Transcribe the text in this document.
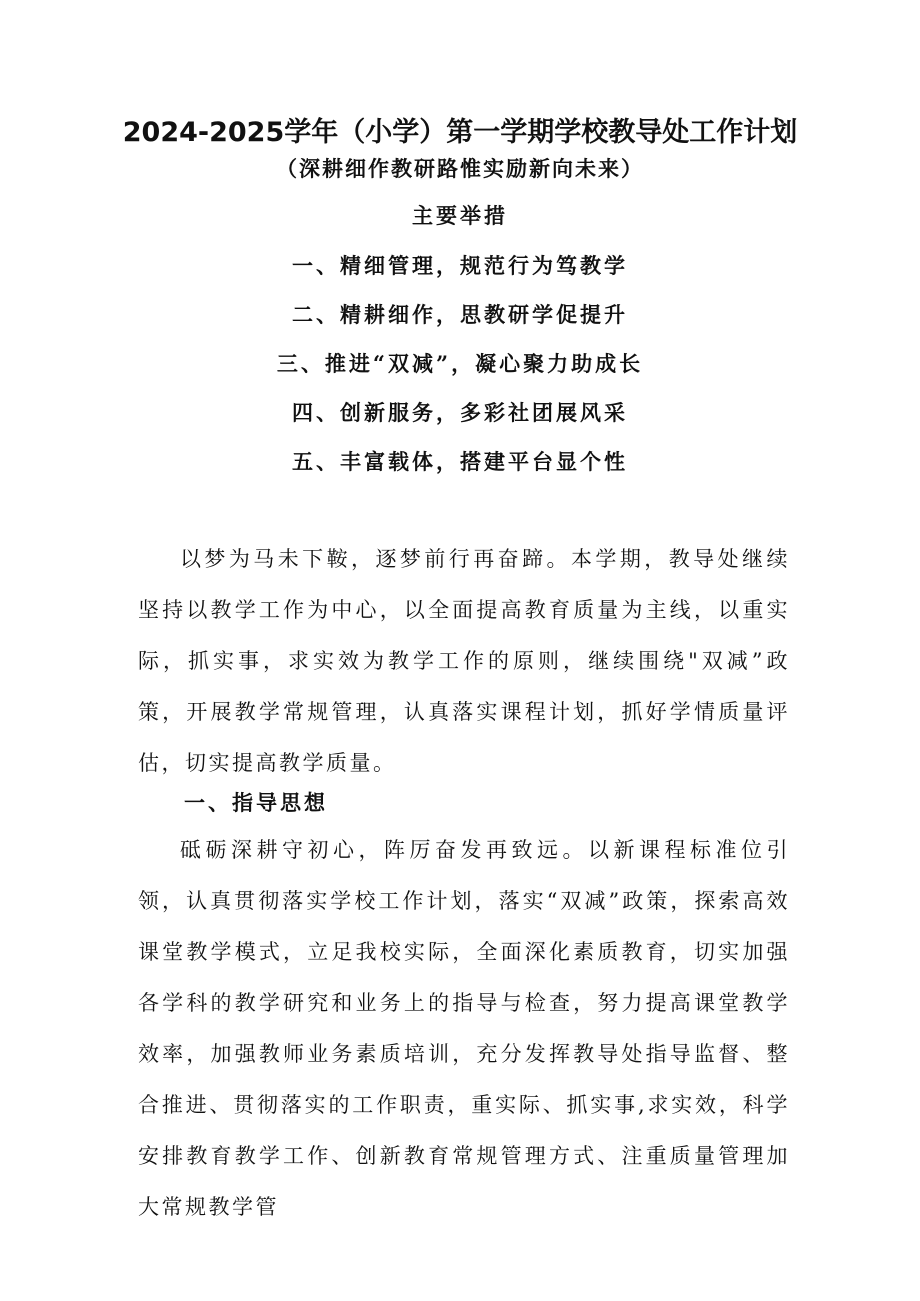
2024-2025学年（小学）第一学期学校教导处工作计划
（深耕细作教研路惟实励新向未来）
主要举措
一、精细管理，规范行为笃教学
二、精耕细作，思教研学促提升
三、推进“双减”，凝心聚力助成长
四、创新服务，多彩社团展风采
五、丰富载体，搭建平台显个性

以梦为马未下鞍，逐梦前行再奋蹄。本学期，教导处继续坚持以教学工作为中心，以全面提高教育质量为主线，以重实际，抓实事，求实效为教学工作的原则，继续围绕"双减”政策，开展教学常规管理，认真落实课程计划，抓好学情质量评估，切实提高教学质量。

一、指导思想

砥砺深耕守初心，阵厉奋发再致远。以新课程标准位引领，认真贯彻落实学校工作计划，落实“双减”政策，探索高效课堂教学模式，立足我校实际，全面深化素质教育，切实加强各学科的教学研究和业务上的指导与检查，努力提高课堂教学效率，加强教师业务素质培训，充分发挥教导处指导监督、整合推进、贯彻落实的工作职责，重实际、抓实事,求实效，科学安排教育教学工作、创新教育常规管理方式、注重质量管理加大常规教学管
